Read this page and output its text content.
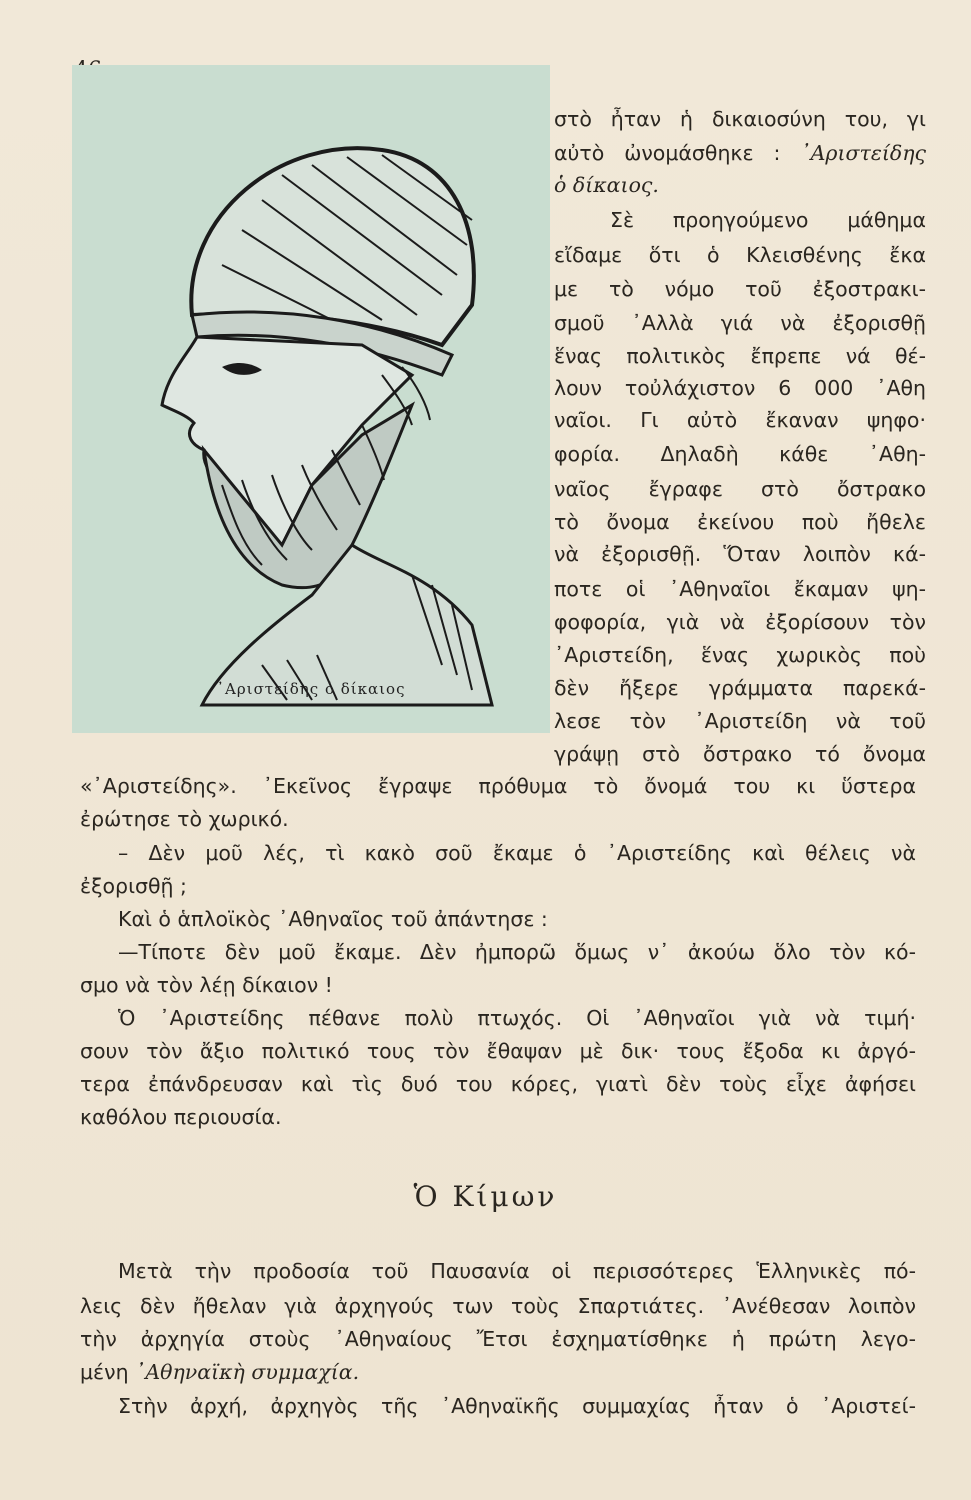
᾿Αριστείδης ὁ δίκαιος
στὸ ἦταν ἡ δικαιοσύνη του, γι
αὐτὸ ὠνομάσθηκε : ᾿Αριστείδης
ὁ δίκαιος.
Σὲ προηγούμενο μάθημα
εἴδαμε ὅτι ὁ Κλεισθένης ἔκα
με τὸ νόμο τοῦ ἐξοστρακι-
σμοῦ ᾿Αλλὰ γιά νὰ ἐξορισθῇ
ἕνας πολιτικὸς ἔπρεπε νά θέ-
λουν τοὐλάχιστον 6 000 ᾿Αθη
ναῖοι. Γι αὐτὸ ἔκαναν ψηφο·
φορία. Δηλαδὴ κάθε ᾿Αθη-
ναῖος ἔγραφε στὸ ὄστρακο
τὸ ὄνομα ἐκείνου ποὺ ἤθελε
νὰ ἐξορισθῇ. Ὅταν λοιπὸν κά-
ποτε οἱ ᾿Αθηναῖοι ἔκαμαν ψη-
φοφορία, γιὰ νὰ ἐξορίσουν τὸν
᾿Αριστείδη, ἕνας χωρικὸς ποὺ
δὲν ἤξερε γράμματα παρεκά-
λεσε τὸν ᾿Αριστείδη νὰ τοῦ
γράψῃ στὸ ὄστρακο τό ὄνομα
«᾿Αριστείδης». ᾿Εκεῖνος ἔγραψε πρόθυμα τὸ ὄνομά του κι ὕστερα
ἐρώτησε τὸ χωρικό.
– Δὲν μοῦ λές, τὶ κακὸ σοῦ ἔκαμε ὁ ᾿Αριστείδης καὶ θέλεις νὰ
ἐξορισθῇ ;
Καὶ ὁ ἁπλοϊκὸς ᾿Αθηναῖος τοῦ ἀπάντησε :
—Τίποτε δὲν μοῦ ἔκαμε. Δὲν ἠμπορῶ ὅμως ν᾿ ἀκούω ὅλο τὸν κό-
σμο νὰ τὸν λέῃ δίκαιον !
Ὁ ᾿Αριστείδης πέθανε πολὺ πτωχός. Οἱ ᾿Αθηναῖοι γιὰ νὰ τιμή·
σουν τὸν ἄξιο πολιτικό τους τὸν ἔθαψαν μὲ δικ· τους ἔξοδα κι ἀργό-
τερα ἐπάνδρευσαν καὶ τὶς δυό του κόρες, γιατὶ δὲν τοὺς εἶχε ἀφήσει
καθόλου περιουσία.
Ὁ Κίμων
Μετὰ τὴν προδοσία τοῦ Παυσανία οἱ περισσότερες Ἑλληνικὲς πό-
λεις δὲν ἤθελαν γιὰ ἀρχηγούς των τοὺς Σπαρτιάτες. ᾿Ανέθεσαν λοιπὸν
τὴν ἀρχηγία στοὺς ᾿Αθηναίους Ἔτσι ἐσχηματίσθηκε ἡ πρώτη λεγο-
μένη ᾿Αθηναϊκὴ συμμαχία.
Στὴν ἀρχή, ἀρχηγὸς τῆς ᾿Αθηναϊκῆς συμμαχίας ἦταν ὁ ᾿Αριστεί-
